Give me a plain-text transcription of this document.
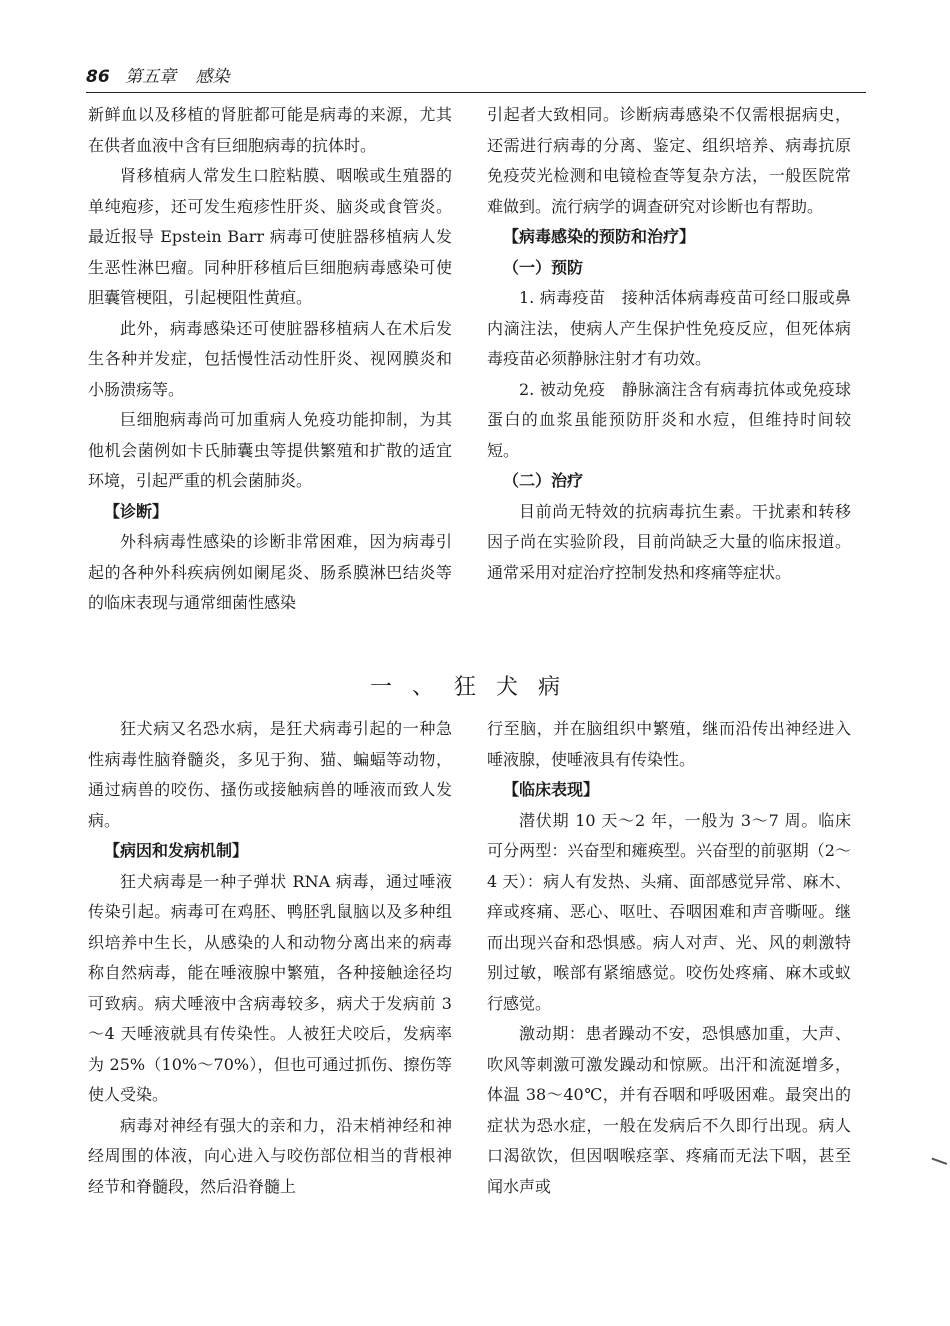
86 第五章 感染

新鲜血以及移植的肾脏都可能是病毒的来源，尤其在供者血液中含有巨细胞病毒的抗体时。

肾移植病人常发生口腔粘膜、咽喉或生殖器的单纯疱疹，还可发生疱疹性肝炎、脑炎或食管炎。最近报导 Epstein Barr 病毒可使脏器移植病人发生恶性淋巴瘤。同种肝移植后巨细胞病毒感染可使胆囊管梗阻，引起梗阻性黄疸。

此外，病毒感染还可使脏器移植病人在术后发生各种并发症，包括慢性活动性肝炎、视网膜炎和小肠溃疡等。

巨细胞病毒尚可加重病人免疫功能抑制，为其他机会菌例如卡氏肺囊虫等提供繁殖和扩散的适宜环境，引起严重的机会菌肺炎。

【诊断】

外科病毒性感染的诊断非常困难，因为病毒引起的各种外科疾病例如阑尾炎、肠系膜淋巴结炎等的临床表现与通常细菌性感染

引起者大致相同。诊断病毒感染不仅需根据病史，还需进行病毒的分离、鉴定、组织培养、病毒抗原免疫荧光检测和电镜检查等复杂方法，一般医院常难做到。流行病学的调查研究对诊断也有帮助。

【病毒感染的预防和治疗】

（一）预防

1. 病毒疫苗　接种活体病毒疫苗可经口服或鼻内滴注法，使病人产生保护性免疫反应，但死体病毒疫苗必须静脉注射才有功效。

2. 被动免疫　静脉滴注含有病毒抗体或免疫球蛋白的血浆虽能预防肝炎和水痘，但维持时间较短。

（二）治疗

目前尚无特效的抗病毒抗生素。干扰素和转移因子尚在实验阶段，目前尚缺乏大量的临床报道。通常采用对症治疗控制发热和疼痛等症状。

一、狂犬病

狂犬病又名恐水病，是狂犬病毒引起的一种急性病毒性脑脊髓炎，多见于狗、猫、蝙蝠等动物，通过病兽的咬伤、搔伤或接触病兽的唾液而致人发病。

【病因和发病机制】

狂犬病毒是一种子弹状 RNA 病毒，通过唾液传染引起。病毒可在鸡胚、鸭胚乳鼠脑以及多种组织培养中生长，从感染的人和动物分离出来的病毒称自然病毒，能在唾液腺中繁殖，各种接触途径均可致病。病犬唾液中含病毒较多，病犬于发病前 3～4 天唾液就具有传染性。人被狂犬咬后，发病率为 25%（10%～70%），但也可通过抓伤、擦伤等使人受染。

病毒对神经有强大的亲和力，沿末梢神经和神经周围的体液，向心进入与咬伤部位相当的背根神经节和脊髓段，然后沿脊髓上

行至脑，并在脑组织中繁殖，继而沿传出神经进入唾液腺，使唾液具有传染性。

【临床表现】

潜伏期 10 天～2 年，一般为 3～7 周。临床可分两型：兴奋型和瘫痪型。兴奋型的前驱期（2～4 天）：病人有发热、头痛、面部感觉异常、麻木、痒或疼痛、恶心、呕吐、吞咽困难和声音嘶哑。继而出现兴奋和恐惧感。病人对声、光、风的刺激特别过敏，喉部有紧缩感觉。咬伤处疼痛、麻木或蚁行感觉。

激动期：患者躁动不安，恐惧感加重，大声、吹风等刺激可激发躁动和惊厥。出汗和流涎增多，体温 38～40℃，并有吞咽和呼吸困难。最突出的症状为恐水症，一般在发病后不久即行出现。病人口渴欲饮，但因咽喉痉挛、疼痛而无法下咽，甚至闻水声或
